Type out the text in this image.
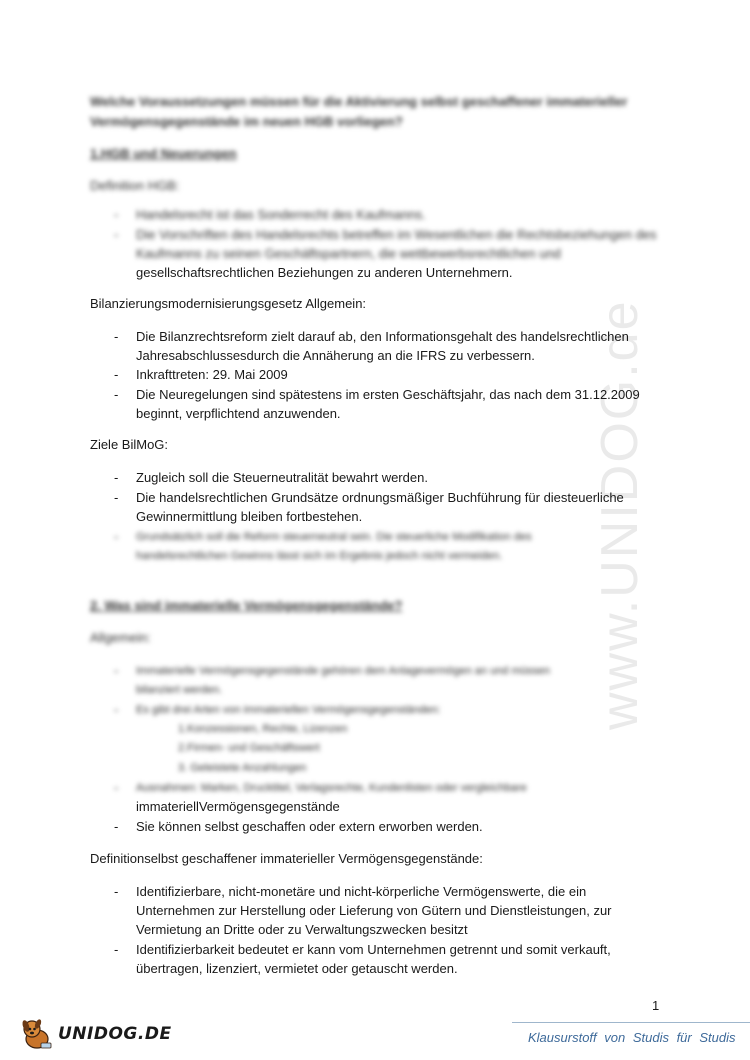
www.UNIDOG.de
Welche Voraussetzungen müssen für die Aktivierung selbst geschaffener immaterieller
Vermögensgegenstände im neuen HGB vorliegen?
1.HGB und Neuerungen
Definition HGB:
- Handelsrecht ist das Sonderrecht des Kaufmanns.
- Die Vorschriften des Handelsrechts betreffen im Wesentlichen die Rechtsbeziehungen des
Kaufmanns zu seinen Geschäftspartnern, die wettbewerbsrechtlichen und
gesellschaftsrechtlichen Beziehungen zu anderen Unternehmern.
Bilanzierungsmodernisierungsgesetz Allgemein:
- Die Bilanzrechtsreform zielt darauf ab, den Informationsgehalt des handelsrechtlichen
Jahresabschlussesdurch die Annäherung an die IFRS zu verbessern.
- Inkrafttreten: 29. Mai 2009
- Die Neuregelungen sind spätestens im ersten Geschäftsjahr, das nach dem 31.12.2009
beginnt, verpflichtend anzuwenden.
Ziele BilMoG:
- Zugleich soll die Steuerneutralität bewahrt werden.
- Die handelsrechtlichen Grundsätze ordnungsmäßiger Buchführung für diesteuerliche
Gewinnermittlung bleiben fortbestehen.
- Grundsätzlich soll die Reform steuerneutral sein. Die steuerliche Modifikation des
handelsrechtlichen Gewinns lässt sich im Ergebnis jedoch nicht vermeiden.
2. Was sind immaterielle Vermögensgegenstände?
Allgemein:
- Immaterielle Vermögensgegenstände gehören dem Anlagevermögen an und müssen
bilanziert werden.
- Es gibt drei Arten von immateriellen Vermögensgegenständen:
1.Konzessionen, Rechte, Lizenzen
2.Firmen- und Geschäftswert
3. Geleistete Anzahlungen
- Ausnahmen: Marken, Drucktitel, Verlagsrechte, Kundenlisten oder vergleichbare
immateriellVermögensgegenstände
- Sie können selbst geschaffen oder extern erworben werden.
Definitionselbst geschaffener immaterieller Vermögensgegenstände:
- Identifizierbare, nicht-monetäre und nicht-körperliche Vermögenswerte, die ein
Unternehmen zur Herstellung oder Lieferung von Gütern und Dienstleistungen, zur
Vermietung an Dritte oder zu Verwaltungszwecken besitzt
- Identifizierbarkeit bedeutet er kann vom Unternehmen getrennt und somit verkauft,
übertragen, lizenziert, vermietet oder getauscht werden.
1
UNIDOG.DE	Klausurstoff von Studis für Studis
